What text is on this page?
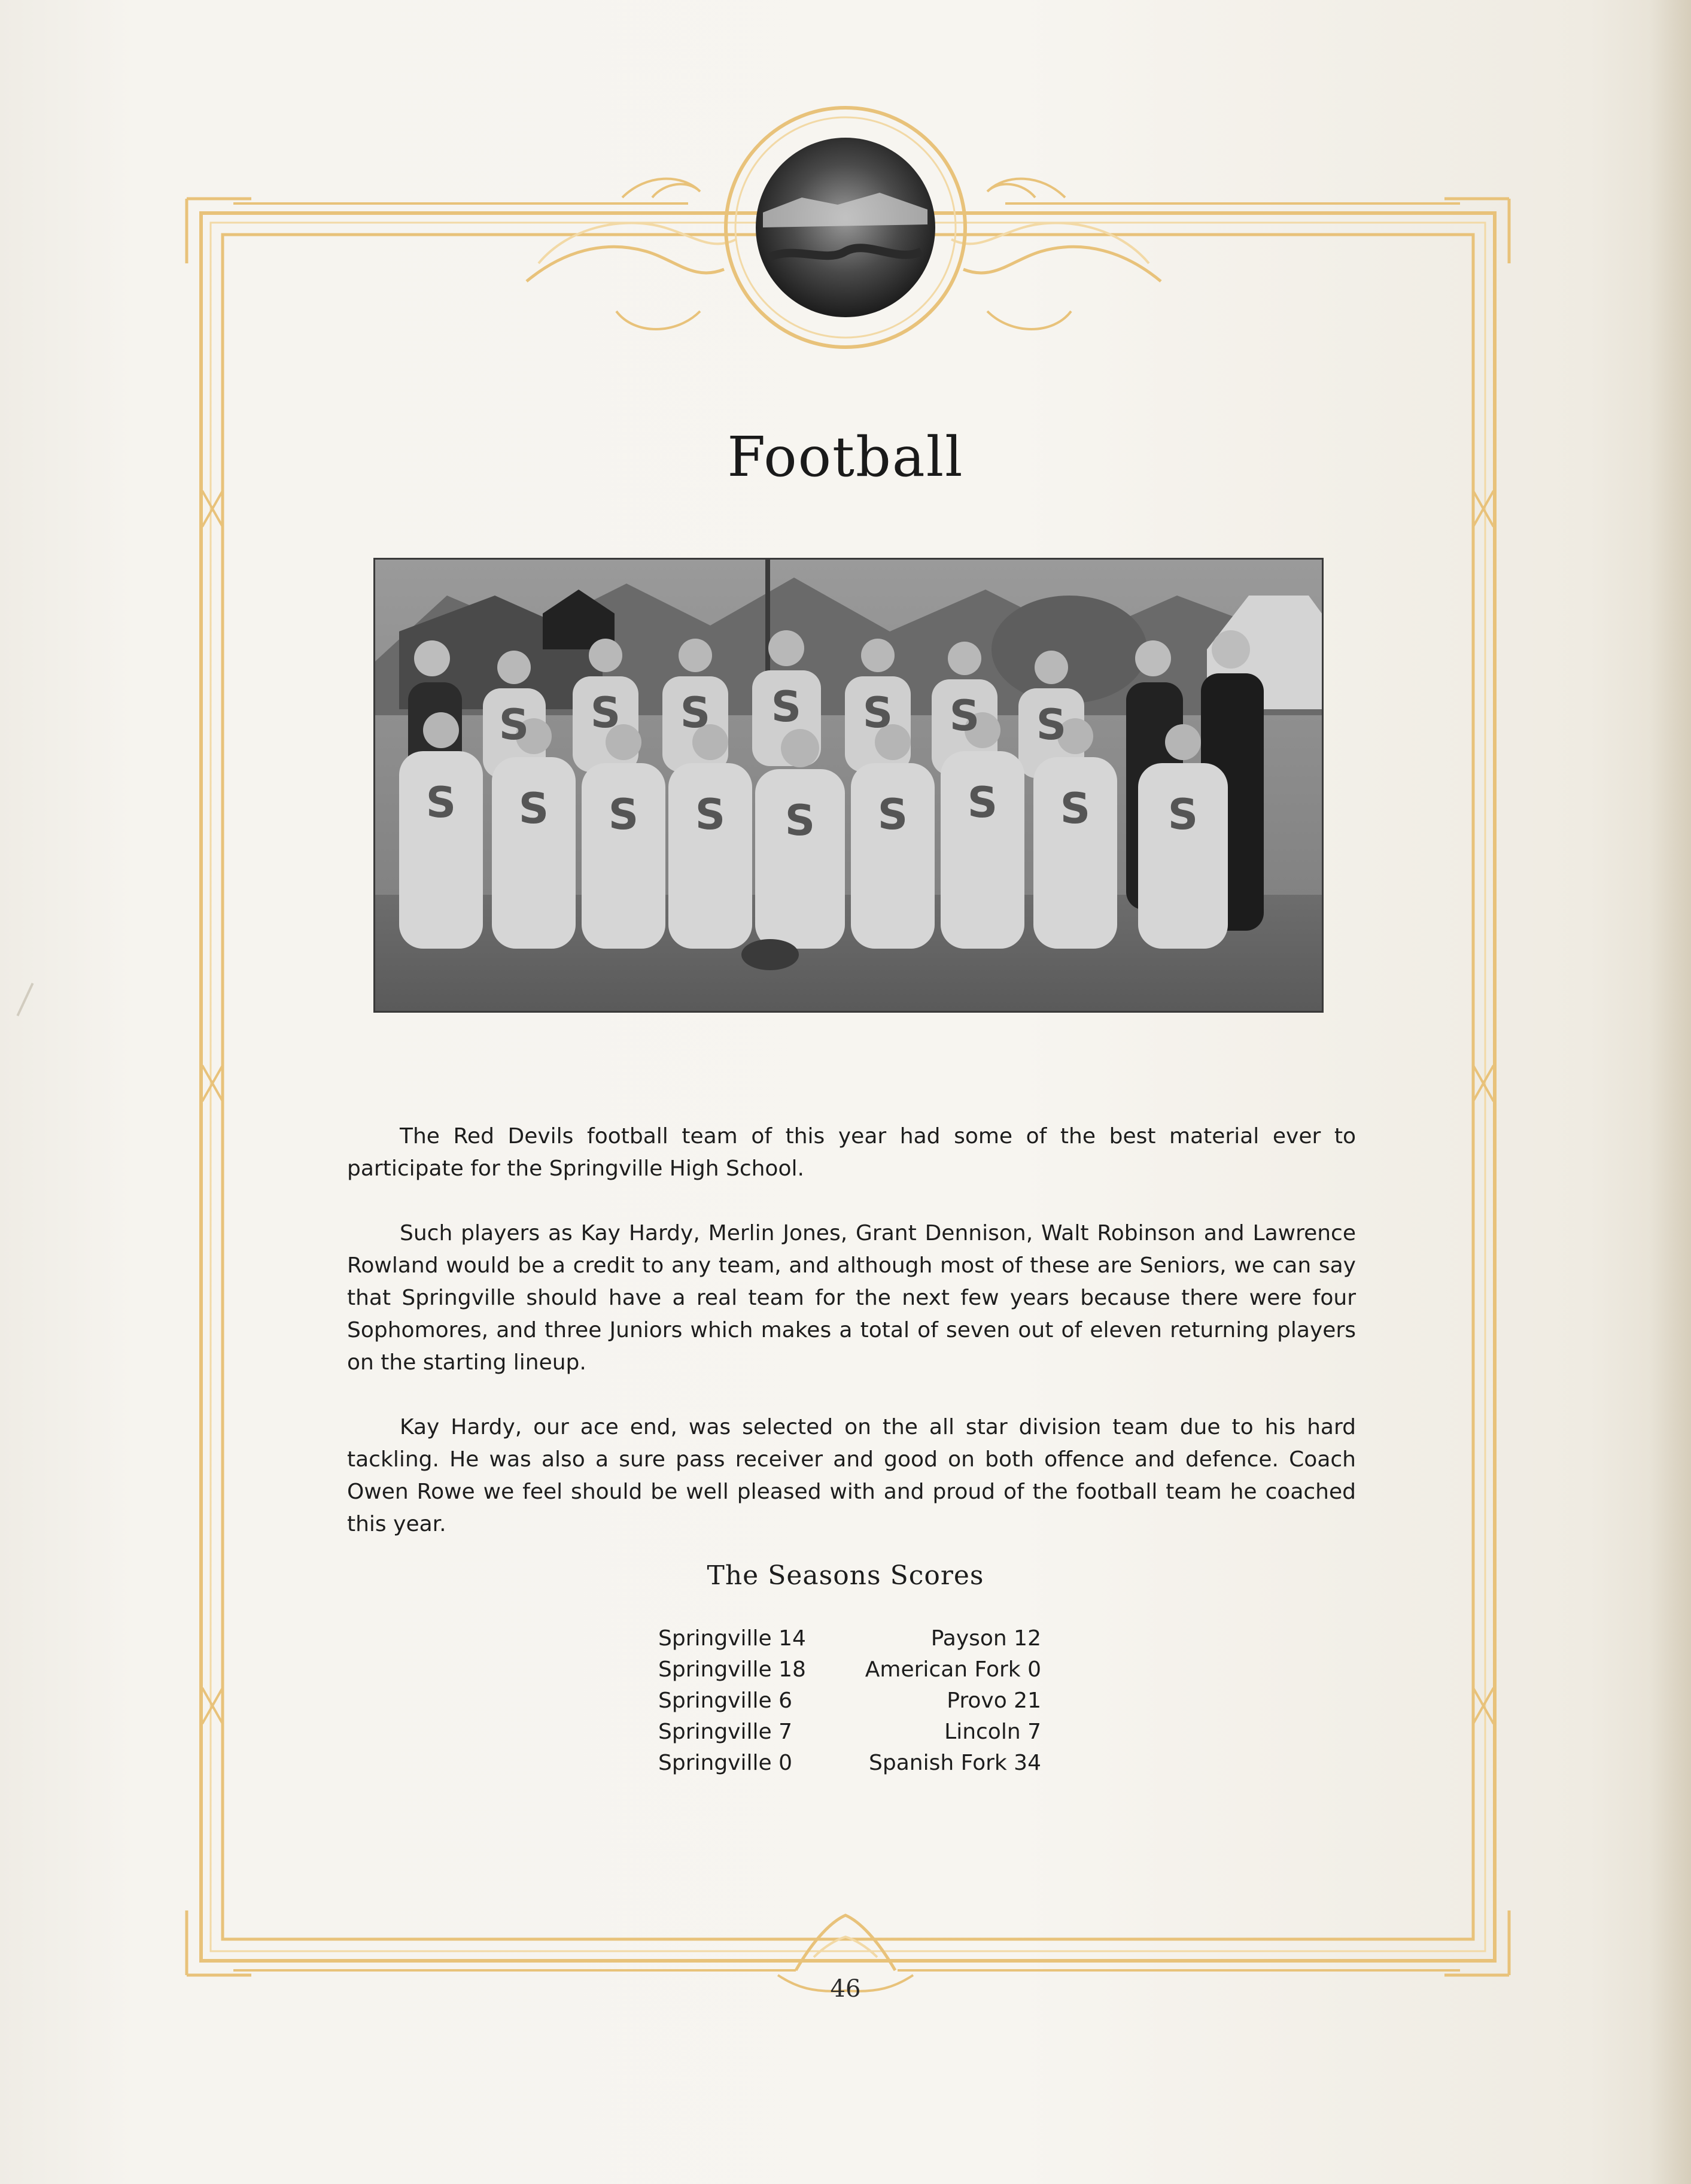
Football
S S S S S S S S S
S S S S S S S

The Red Devils football team of this year had some of the best material ever to participate for the Springville High School.

Such players as Kay Hardy, Merlin Jones, Grant Dennison, Walt Robinson and Lawrence Rowland would be a credit to any team, and although most of these are Seniors, we can say that Springville should have a real team for the next few years because there were four Sophomores, and three Juniors which makes a total of seven out of eleven returning players on the starting lineup.

Kay Hardy, our ace end, was selected on the all star division team due to his hard tackling. He was also a sure pass receiver and good on both offence and defence. Coach Owen Rowe we feel should be well pleased with and proud of the football team he coached this year.

The Seasons Scores
Springville 14	Payson 12
Springville 18	American Fork 0
Springville 6	Provo 21
Springville 7	Lincoln 7
Springville 0	Spanish Fork 34
46
